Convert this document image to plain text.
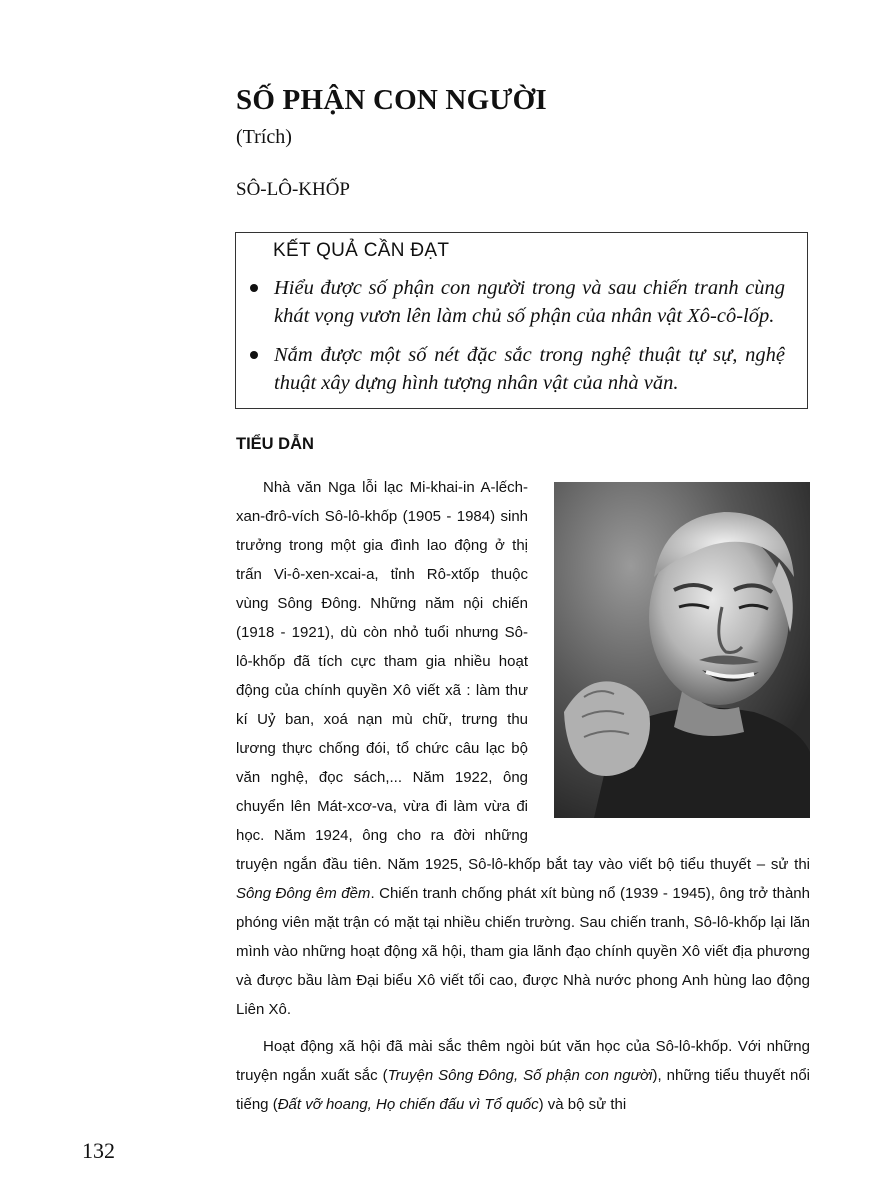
SỐ PHẬN CON NGƯỜI
(Trích)
SÔ-LÔ-KHỐP
KẾT QUẢ CẦN ĐẠT
Hiểu được số phận con người trong và sau chiến tranh cùng khát vọng vươn lên làm chủ số phận của nhân vật Xô-cô-lốp.
Nắm được một số nét đặc sắc trong nghệ thuật tự sự, nghệ thuật xây dựng hình tượng nhân vật của nhà văn.
TIỂU DẪN

Nhà văn Nga lỗi lạc Mi-khai-in A-lếch-xan-đrô-vích Sô-lô-khốp (1905 - 1984) sinh trưởng trong một gia đình lao động ở thị trấn Vi-ô-xen-xcai-a, tỉnh Rô-xtốp thuộc vùng Sông Đông. Những năm nội chiến (1918 - 1921), dù còn nhỏ tuổi nhưng Sô-lô-khốp đã tích cực tham gia nhiều hoạt động của chính quyền Xô viết xã : làm thư kí Uỷ ban, xoá nạn mù chữ, trưng thu lương thực chống đói, tổ chức câu lạc bộ văn nghệ, đọc sách,... Năm 1922, ông chuyển lên Mát-xcơ-va, vừa đi làm vừa đi học. Năm 1924, ông cho ra đời những truyện ngắn đầu tiên. Năm 1925, Sô-lô-khốp bắt tay vào viết bộ tiểu thuyết – sử thi Sông Đông êm đềm. Chiến tranh chống phát xít bùng nổ (1939 - 1945), ông trở thành phóng viên mặt trận có mặt tại nhiều chiến trường. Sau chiến tranh, Sô-lô-khốp lại lăn mình vào những hoạt động xã hội, tham gia lãnh đạo chính quyền Xô viết địa phương và được bầu làm Đại biểu Xô viết tối cao, được Nhà nước phong Anh hùng lao động Liên Xô.

Hoạt động xã hội đã mài sắc thêm ngòi bút văn học của Sô-lô-khốp. Với những truyện ngắn xuất sắc (Truyện Sông Đông, Số phận con người), những tiểu thuyết nổi tiếng (Đất vỡ hoang, Họ chiến đấu vì Tổ quốc) và bộ sử thi

132
